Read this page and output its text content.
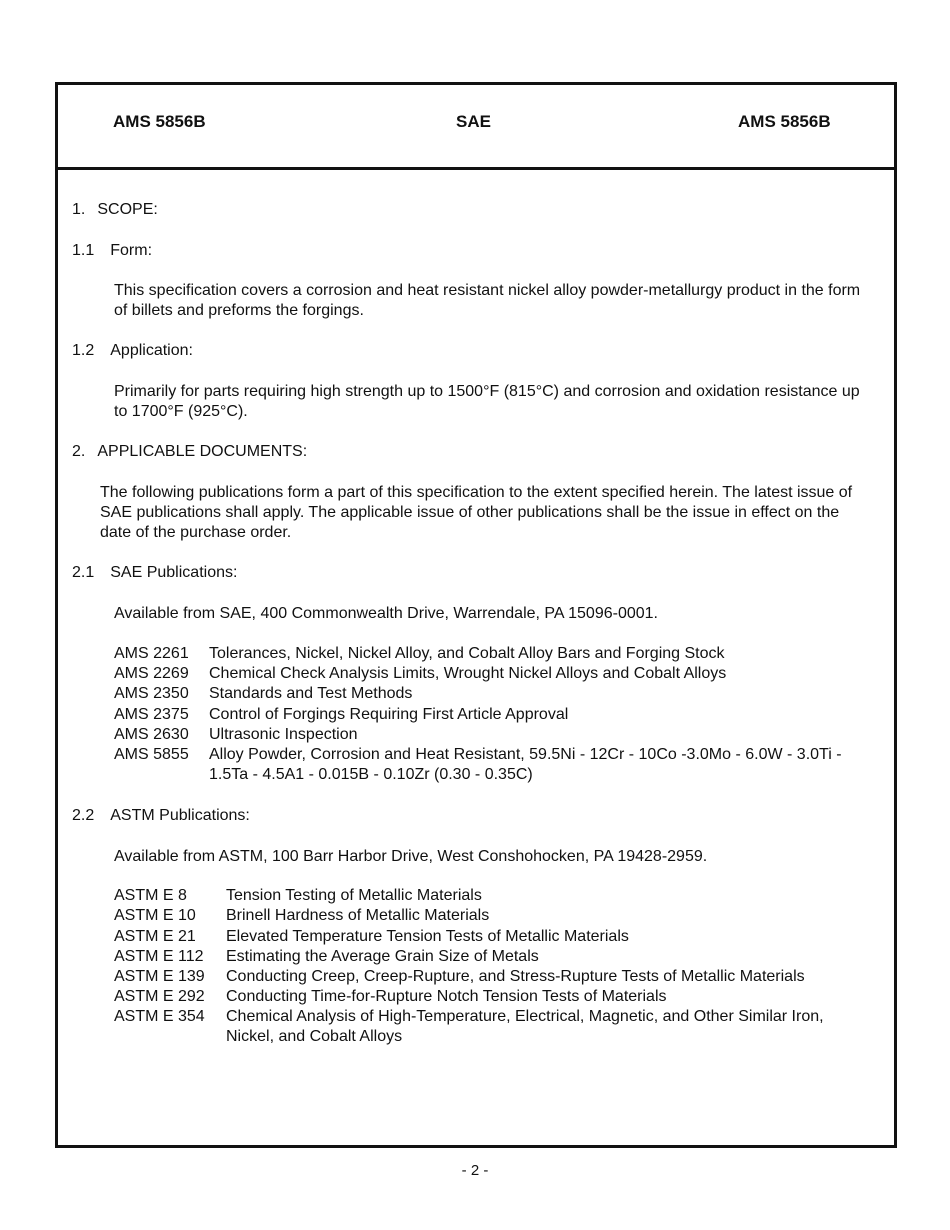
AMS 5856B	SAE	AMS 5856B
1. SCOPE:
1.1 Form:
This specification covers a corrosion and heat resistant nickel alloy powder-metallurgy product in the form of billets and preforms the forgings.
1.2 Application:
Primarily for parts requiring high strength up to 1500°F (815°C) and corrosion and oxidation resistance up to 1700°F (925°C).
2. APPLICABLE DOCUMENTS:
The following publications form a part of this specification to the extent specified herein. The latest issue of SAE publications shall apply. The applicable issue of other publications shall be the issue in effect on the date of the purchase order.
2.1 SAE Publications:
Available from SAE, 400 Commonwealth Drive, Warrendale, PA 15096-0001.
AMS 2261 Tolerances, Nickel, Nickel Alloy, and Cobalt Alloy Bars and Forging Stock
AMS 2269 Chemical Check Analysis Limits, Wrought Nickel Alloys and Cobalt Alloys
AMS 2350 Standards and Test Methods
AMS 2375 Control of Forgings Requiring First Article Approval
AMS 2630 Ultrasonic Inspection
AMS 5855 Alloy Powder, Corrosion and Heat Resistant, 59.5Ni - 12Cr - 10Co -3.0Mo - 6.0W - 3.0Ti - 1.5Ta - 4.5A1 - 0.015B - 0.10Zr (0.30 - 0.35C)
2.2 ASTM Publications:
Available from ASTM, 100 Barr Harbor Drive, West Conshohocken, PA 19428-2959.
ASTM E 8 Tension Testing of Metallic Materials
ASTM E 10 Brinell Hardness of Metallic Materials
ASTM E 21 Elevated Temperature Tension Tests of Metallic Materials
ASTM E 112 Estimating the Average Grain Size of Metals
ASTM E 139 Conducting Creep, Creep-Rupture, and Stress-Rupture Tests of Metallic Materials
ASTM E 292 Conducting Time-for-Rupture Notch Tension Tests of Materials
ASTM E 354 Chemical Analysis of High-Temperature, Electrical, Magnetic, and Other Similar Iron, Nickel, and Cobalt Alloys
- 2 -
